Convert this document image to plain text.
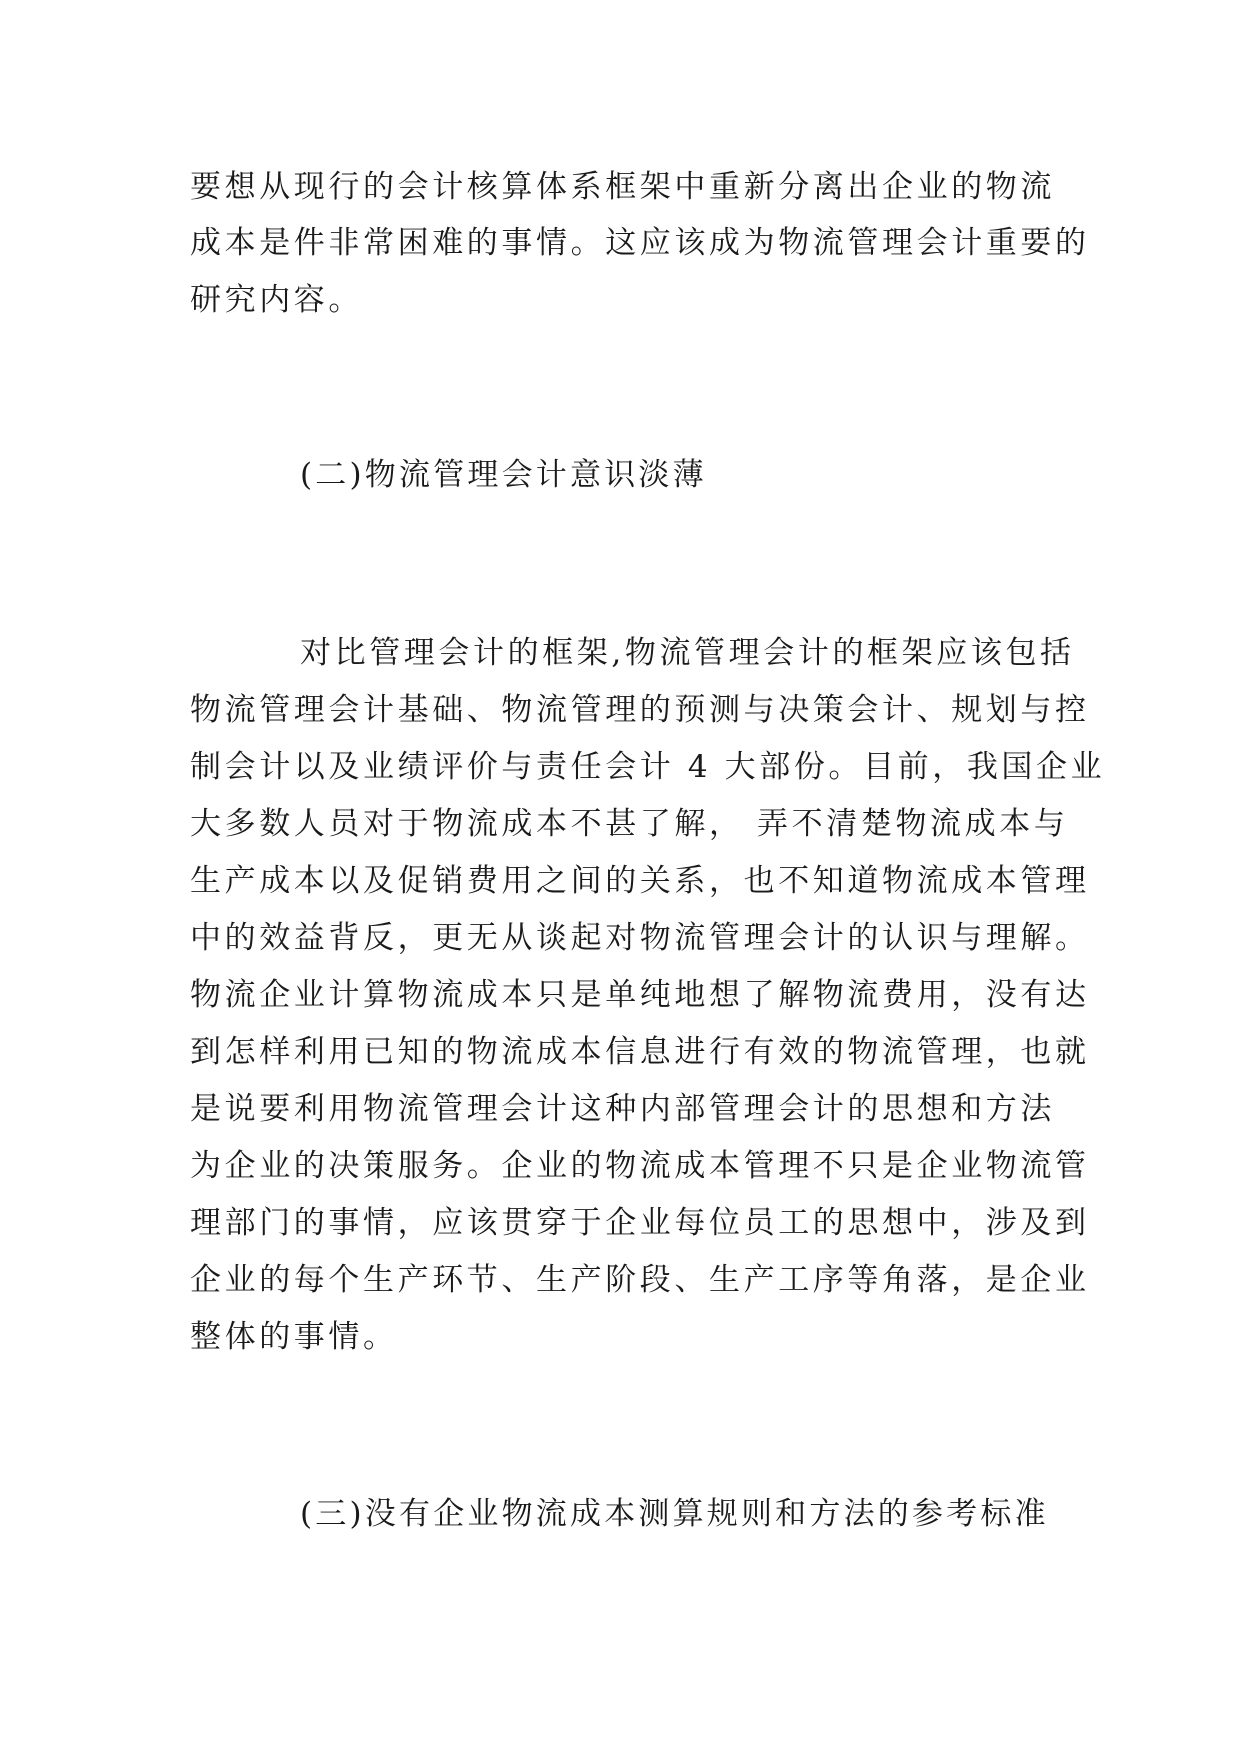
要想从现行的会计核算体系框架中重新分离出企业的物流
成本是件非常困难的事情。这应该成为物流管理会计重要的
研究内容。
(二)物流管理会计意识淡薄
对比管理会计的框架,物流管理会计的框架应该包括
物流管理会计基础、物流管理的预测与决策会计、规划与控
制会计以及业绩评价与责任会计 4 大部份。目前，我国企业
大多数人员对于物流成本不甚了解， 弄不清楚物流成本与
生产成本以及促销费用之间的关系，也不知道物流成本管理
中的效益背反，更无从谈起对物流管理会计的认识与理解。
物流企业计算物流成本只是单纯地想了解物流费用，没有达
到怎样利用已知的物流成本信息进行有效的物流管理，也就
是说要利用物流管理会计这种内部管理会计的思想和方法
为企业的决策服务。企业的物流成本管理不只是企业物流管
理部门的事情，应该贯穿于企业每位员工的思想中，涉及到
企业的每个生产环节、生产阶段、生产工序等角落，是企业
整体的事情。
(三)没有企业物流成本测算规则和方法的参考标准
